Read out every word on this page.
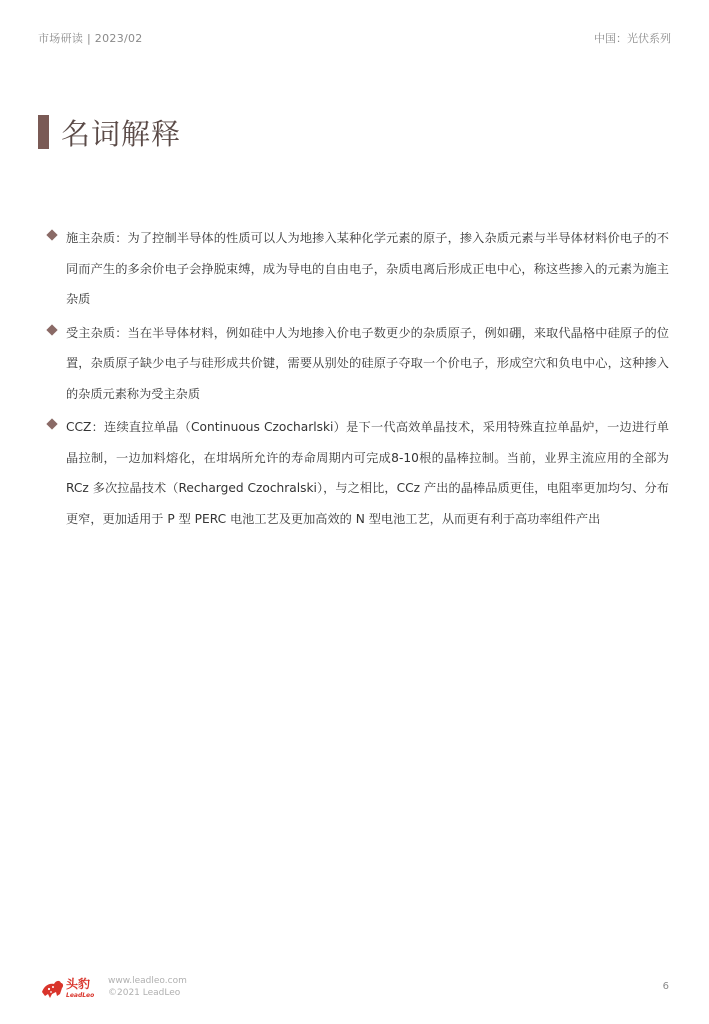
市场研读 | 2023/02	中国：光伏系列
名词解释

施主杂质：为了控制半导体的性质可以人为地掺入某种化学元素的原子，掺入杂质元素与半导体材料价电子的不同而产生的多余价电子会挣脱束缚，成为导电的自由电子，杂质电离后形成正电中心，称这些掺入的元素为施主杂质

受主杂质：当在半导体材料，例如硅中人为地掺入价电子数更少的杂质原子，例如硼，来取代晶格中硅原子的位置，杂质原子缺少电子与硅形成共价键，需要从别处的硅原子夺取一个价电子，形成空穴和负电中心，这种掺入的杂质元素称为受主杂质

CCZ：连续直拉单晶（Continuous Czocharlski）是下一代高效单晶技术，采用特殊直拉单晶炉，一边进行单晶拉制，一边加料熔化，在坩埚所允许的寿命周期内可完成8-10根的晶棒拉制。当前，业界主流应用的全部为 RCz 多次拉晶技术（Recharged Czochralski），与之相比，CCz 产出的晶棒品质更佳，电阻率更加均匀、分布更窄，更加适用于 P 型 PERC 电池工艺及更加高效的 N 型电池工艺，从而更有利于高功率组件产出

头豹
LeadLeo
www.leadleo.com
©2021 LeadLeo
6
